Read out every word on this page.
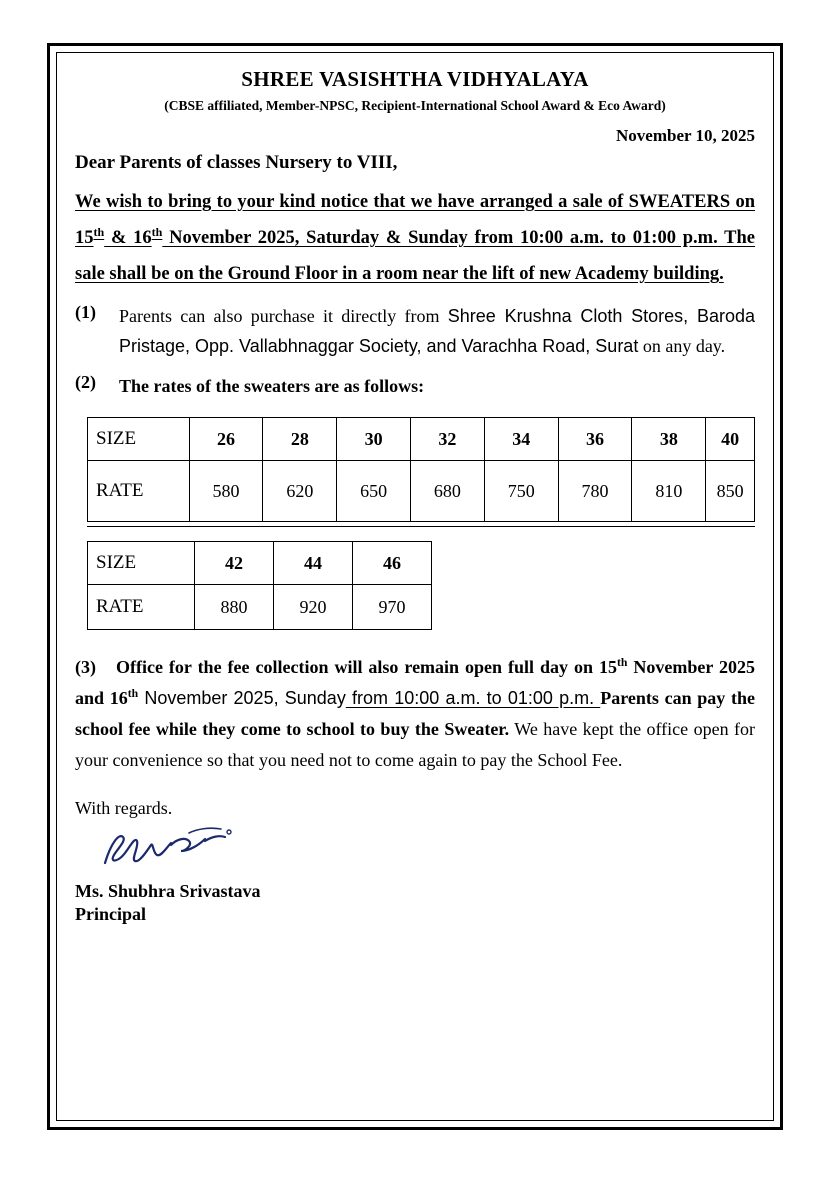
SHREE VASISHTHA VIDHYALAYA
(CBSE affiliated, Member-NPSC, Recipient-International School Award & Eco Award)
November 10, 2025
Dear Parents of classes Nursery to VIII,
We wish to bring to your kind notice that we have arranged a sale of SWEATERS on 15th & 16th November 2025, Saturday & Sunday from 10:00 a.m. to 01:00 p.m. The sale shall be on the Ground Floor in a room near the lift of new Academy building.
(1)	Parents can also purchase it directly from Shree Krushna Cloth Stores, Baroda Pristage, Opp. Vallabhnaggar Society, and Varachha Road, Surat on any day.
(2)	The rates of the sweaters are as follows:
SIZE	26	28	30	32	34	36	38	40
RATE	580	620	650	680	750	780	810	850
SIZE	42	44	46
RATE	880	920	970
(3) Office for the fee collection will also remain open full day on 15th November 2025 and 16th November 2025, Sunday from 10:00 a.m. to 01:00 p.m. Parents can pay the school fee while they come to school to buy the Sweater. We have kept the office open for your convenience so that you need not to come again to pay the School Fee.
With regards.
Ms. Shubhra Srivastava
Principal
